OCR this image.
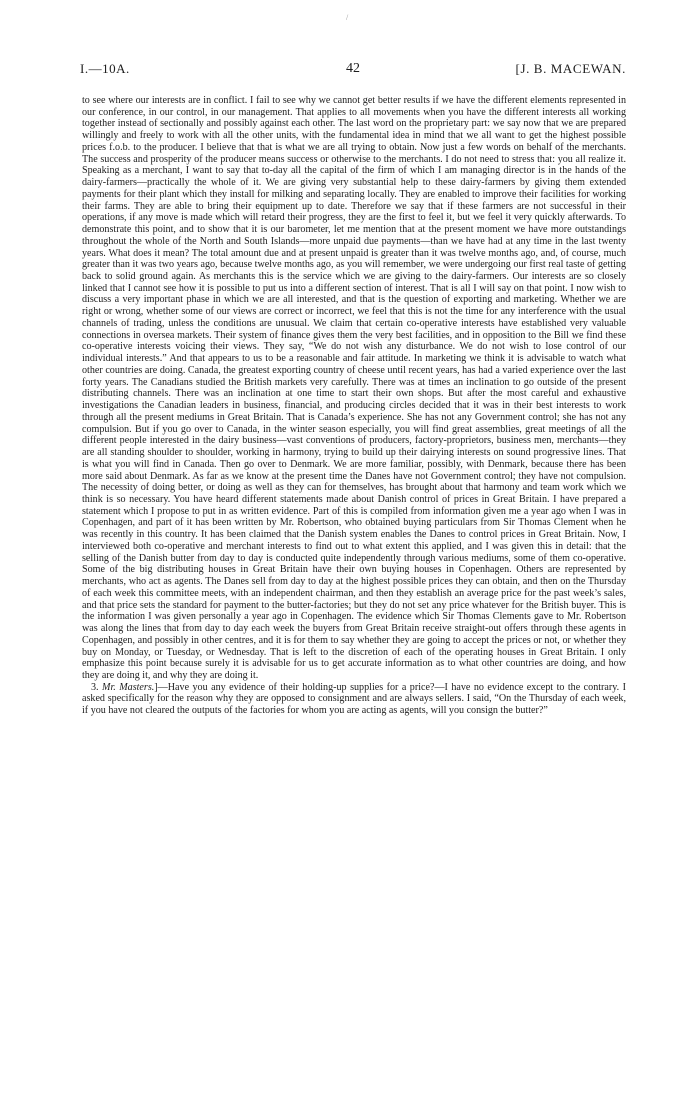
/
I.—10A.	42	[J. B. MACEWAN.

to see where our interests are in conflict. I fail to see why we cannot get better results if we have the different elements represented in our conference, in our control, in our management. That applies to all movements when you have the different interests all working together instead of sectionally and possibly against each other. The last word on the proprietary part: we say now that we are prepared willingly and freely to work with all the other units, with the fundamental idea in mind that we all want to get the highest possible prices f.o.b. to the producer. I believe that that is what we are all trying to obtain. Now just a few words on behalf of the merchants. The success and prosperity of the producer means success or otherwise to the merchants. I do not need to stress that: you all realize it. Speaking as a merchant, I want to say that to-day all the capital of the firm of which I am managing director is in the hands of the dairy-farmers—practically the whole of it. We are giving very substantial help to these dairy-farmers by giving them extended payments for their plant which they install for milking and separating locally. They are enabled to improve their facilities for working their farms. They are able to bring their equipment up to date. Therefore we say that if these farmers are not successful in their operations, if any move is made which will retard their progress, they are the first to feel it, but we feel it very quickly afterwards. To demonstrate this point, and to show that it is our barometer, let me mention that at the present moment we have more outstandings throughout the whole of the North and South Islands—more unpaid due payments—than we have had at any time in the last twenty years. What does it mean? The total amount due and at present unpaid is greater than it was twelve months ago, and, of course, much greater than it was two years ago, because twelve months ago, as you will remember, we were undergoing our first real taste of getting back to solid ground again. As merchants this is the service which we are giving to the dairy-farmers. Our interests are so closely linked that I cannot see how it is possible to put us into a different section of interest. That is all I will say on that point. I now wish to discuss a very important phase in which we are all interested, and that is the question of exporting and marketing. Whether we are right or wrong, whether some of our views are correct or incorrect, we feel that this is not the time for any interference with the usual channels of trading, unless the conditions are unusual. We claim that certain co-operative interests have established very valuable connections in oversea markets. Their system of finance gives them the very best facilities, and in opposition to the Bill we find these co-operative interests voicing their views. They say, “We do not wish any disturbance. We do not wish to lose control of our individual interests.” And that appears to us to be a reasonable and fair attitude. In marketing we think it is advisable to watch what other countries are doing. Canada, the greatest exporting country of cheese until recent years, has had a varied experience over the last forty years. The Canadians studied the British markets very carefully. There was at times an inclination to go outside of the present distributing channels. There was an inclination at one time to start their own shops. But after the most careful and exhaustive investigations the Canadian leaders in business, financial, and producing circles decided that it was in their best interests to work through all the present mediums in Great Britain. That is Canada’s experience. She has not any Government control; she has not any compulsion. But if you go over to Canada, in the winter season especially, you will find great assemblies, great meetings of all the different people interested in the dairy business—vast conventions of producers, factory-proprietors, business men, merchants—they are all standing shoulder to shoulder, working in harmony, trying to build up their dairying interests on sound progressive lines. That is what you will find in Canada. Then go over to Denmark. We are more familiar, possibly, with Denmark, because there has been more said about Denmark. As far as we know at the present time the Danes have not Government control; they have not compulsion. The necessity of doing better, or doing as well as they can for themselves, has brought about that harmony and team work which we think is so necessary. You have heard different statements made about Danish control of prices in Great Britain. I have prepared a statement which I propose to put in as written evidence. Part of this is compiled from information given me a year ago when I was in Copenhagen, and part of it has been written by Mr. Robertson, who obtained buying particulars from Sir Thomas Clement when he was recently in this country. It has been claimed that the Danish system enables the Danes to control prices in Great Britain. Now, I interviewed both co-operative and merchant interests to find out to what extent this applied, and I was given this in detail: that the selling of the Danish butter from day to day is conducted quite independently through various mediums, some of them co-operative. Some of the big distributing houses in Great Britain have their own buying houses in Copenhagen. Others are represented by merchants, who act as agents. The Danes sell from day to day at the highest possible prices they can obtain, and then on the Thursday of each week this committee meets, with an independent chairman, and then they establish an average price for the past week’s sales, and that price sets the standard for payment to the butter-factories; but they do not set any price whatever for the British buyer. This is the information I was given personally a year ago in Copenhagen. The evidence which Sir Thomas Clements gave to Mr. Robertson was along the lines that from day to day each week the buyers from Great Britain receive straight-out offers through these agents in Copenhagen, and possibly in other centres, and it is for them to say whether they are going to accept the prices or not, or whether they buy on Monday, or Tuesday, or Wednesday. That is left to the discretion of each of the operating houses in Great Britain. I only emphasize this point because surely it is advisable for us to get accurate information as to what other countries are doing, and how they are doing it, and why they are doing it.

3. Mr. Masters.]—Have you any evidence of their holding-up supplies for a price?—I have no evidence except to the contrary. I asked specifically for the reason why they are opposed to consignment and are always sellers. I said, “On the Thursday of each week, if you have not cleared the outputs of the factories for whom you are acting as agents, will you consign the butter?”
